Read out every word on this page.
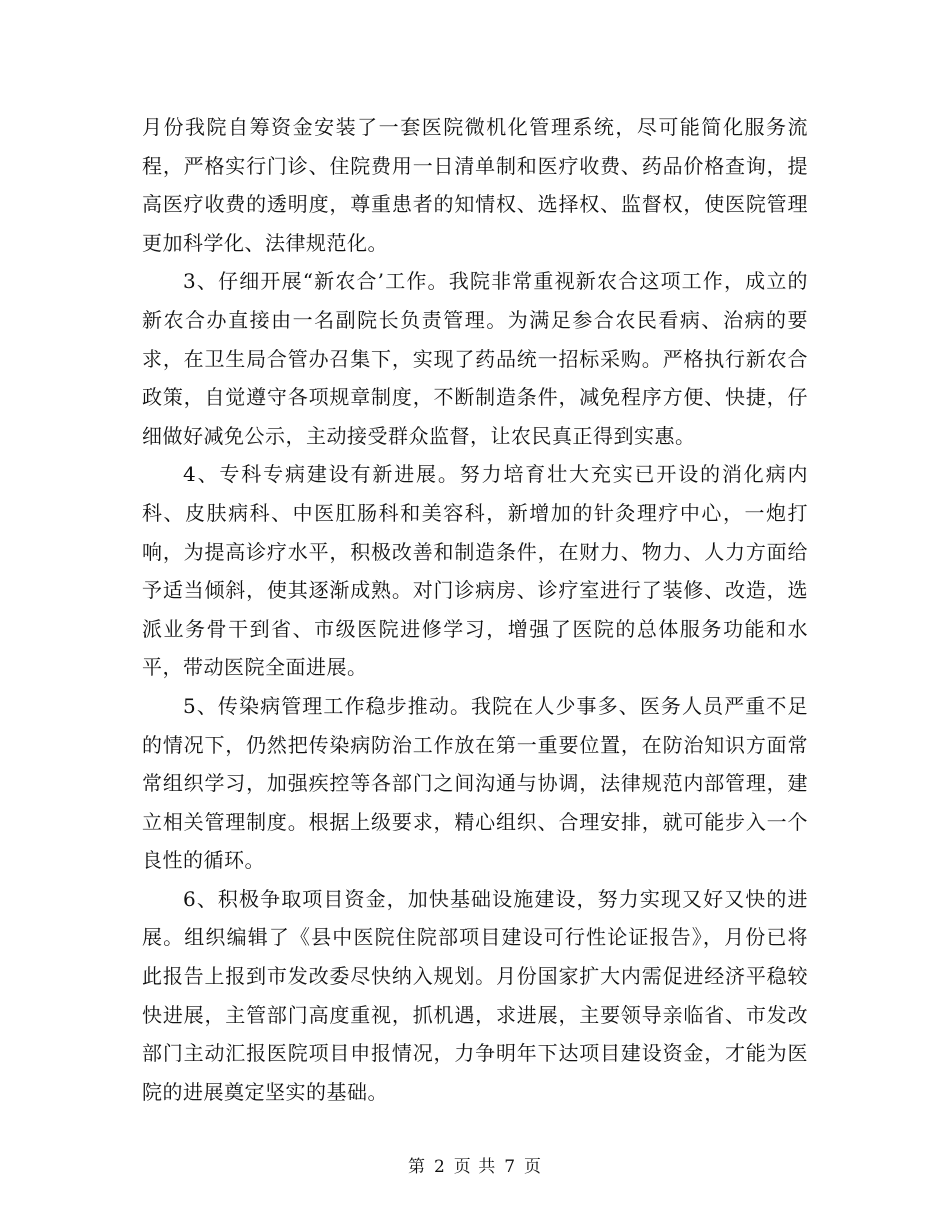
月份我院自筹资金安装了一套医院微机化管理系统，尽可能简化服务流程，严格实行门诊、住院费用一日清单制和医疗收费、药品价格查询，提高医疗收费的透明度，尊重患者的知情权、选择权、监督权，使医院管理更加科学化、法律规范化。

3、仔细开展“新农合’工作。我院非常重视新农合这项工作，成立的新农合办直接由一名副院长负责管理。为满足参合农民看病、治病的要求，在卫生局合管办召集下，实现了药品统一招标采购。严格执行新农合政策，自觉遵守各项规章制度，不断制造条件，减免程序方便、快捷，仔细做好减免公示，主动接受群众监督，让农民真正得到实惠。

4、专科专病建设有新进展。努力培育壮大充实已开设的消化病内科、皮肤病科、中医肛肠科和美容科，新增加的针灸理疗中心，一炮打响，为提高诊疗水平，积极改善和制造条件，在财力、物力、人力方面给予适当倾斜，使其逐渐成熟。对门诊病房、诊疗室进行了装修、改造，选派业务骨干到省、市级医院进修学习，增强了医院的总体服务功能和水平，带动医院全面进展。

5、传染病管理工作稳步推动。我院在人少事多、医务人员严重不足的情况下，仍然把传染病防治工作放在第一重要位置，在防治知识方面常常组织学习，加强疾控等各部门之间沟通与协调，法律规范内部管理，建立相关管理制度。根据上级要求，精心组织、合理安排，就可能步入一个良性的循环。

6、积极争取项目资金，加快基础设施建设，努力实现又好又快的进展。组织编辑了《县中医院住院部项目建设可行性论证报告》，月份已将此报告上报到市发改委尽快纳入规划。月份国家扩大内需促进经济平稳较快进展，主管部门高度重视，抓机遇，求进展，主要领导亲临省、市发改部门主动汇报医院项目申报情况，力争明年下达项目建设资金，才能为医院的进展奠定坚实的基础。

第 2 页 共 7 页
